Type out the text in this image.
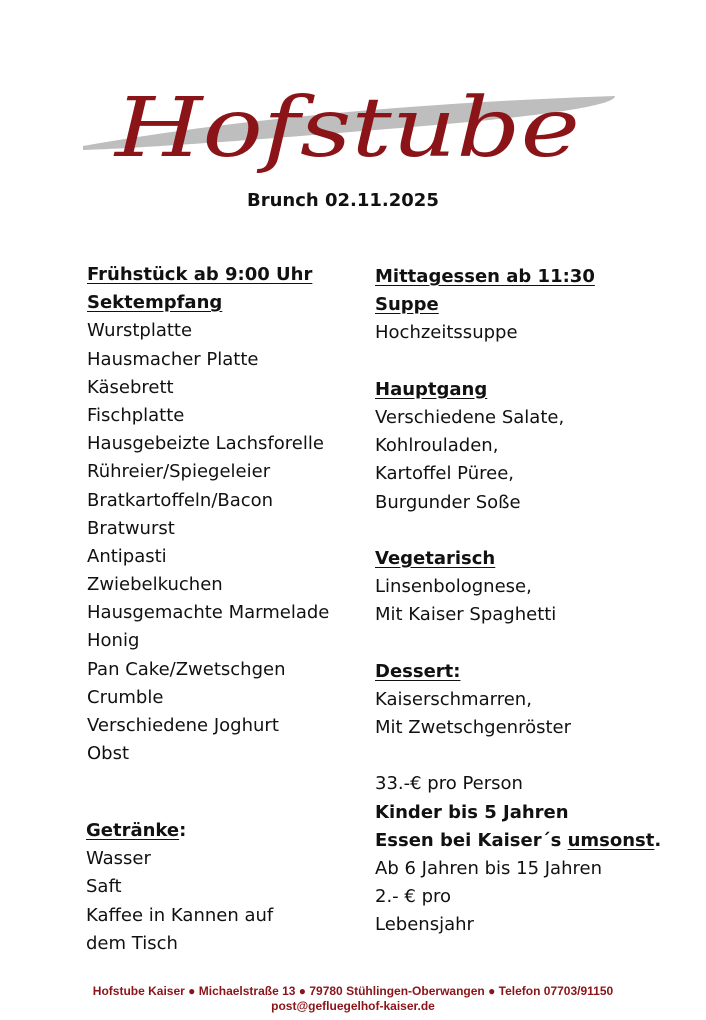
Hofstube
Brunch 02.11.2025
Frühstück ab 9:00 Uhr
Sektempfang
Wurstplatte
Hausmacher Platte
Käsebrett
Fischplatte
Hausgebeizte Lachsforelle
Rühreier/Spiegeleier
Bratkartoffeln/Bacon
Bratwurst
Antipasti
Zwiebelkuchen
Hausgemachte Marmelade
Honig
Pan Cake/Zwetschgen
Crumble
Verschiedene Joghurt
Obst
Mittagessen ab 11:30
Suppe
Hochzeitssuppe
Hauptgang
Verschiedene Salate,
Kohlrouladen,
Kartoffel Püree,
Burgunder Soße
Vegetarisch
Linsenbolognese,
Mit Kaiser Spaghetti
Dessert:
Kaiserschmarren,
Mit Zwetschgenröster
33.-€ pro Person
Kinder bis 5 Jahren
Essen bei Kaiser´s umsonst.
Ab 6 Jahren bis 15 Jahren
2.- € pro
Lebensjahr
Getränke:
Wasser
Saft
Kaffee in Kannen auf
dem Tisch
Hofstube Kaiser ● Michaelstraße 13 ● 79780 Stühlingen-Oberwangen ● Telefon 07703/91150
post@gefluegelhof-kaiser.de
